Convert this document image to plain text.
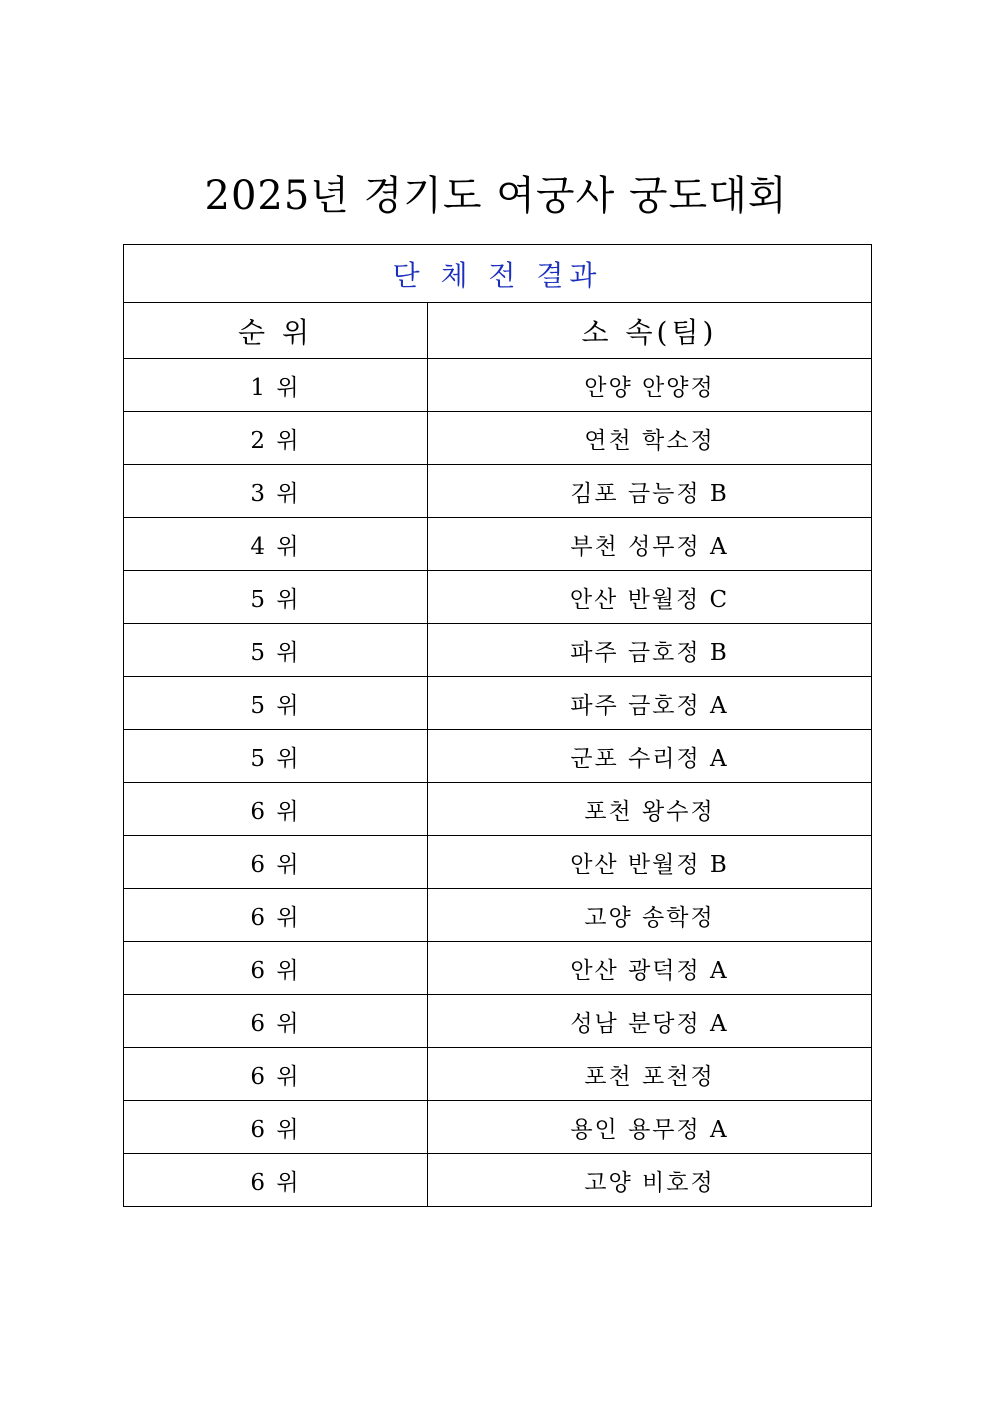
2025년 경기도 여궁사 궁도대회
단 체 전 결과	
순 위	소 속(팀)
1 위	안양 안양정
2 위	연천 학소정
3 위	김포 금능정 B
4 위	부천 성무정 A
5 위	안산 반월정 C
5 위	파주 금호정 B
5 위	파주 금호정 A
5 위	군포 수리정 A
6 위	포천 왕수정
6 위	안산 반월정 B
6 위	고양 송학정
6 위	안산 광덕정 A
6 위	성남 분당정 A
6 위	포천 포천정
6 위	용인 용무정 A
6 위	고양 비호정
